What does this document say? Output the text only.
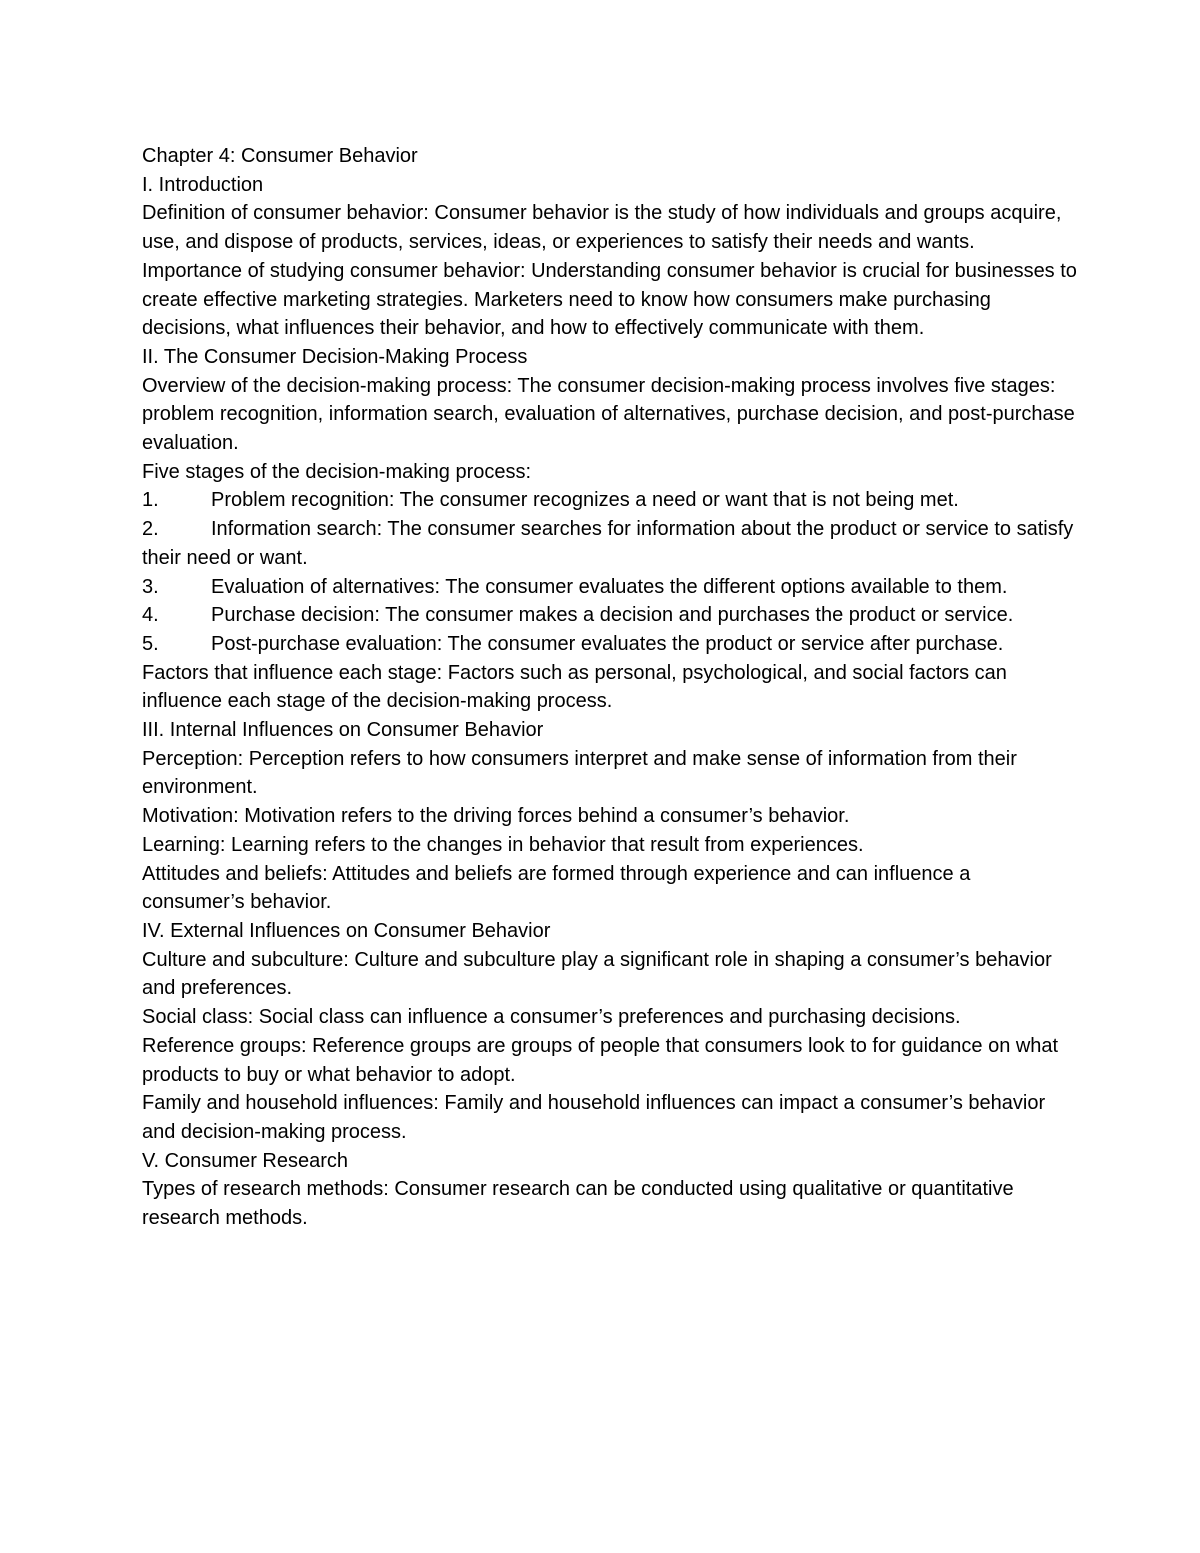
Chapter 4: Consumer Behavior

I. Introduction

Definition of consumer behavior: Consumer behavior is the study of how individuals and groups acquire, use, and dispose of products, services, ideas, or experiences to satisfy their needs and wants.

Importance of studying consumer behavior: Understanding consumer behavior is crucial for businesses to create effective marketing strategies. Marketers need to know how consumers make purchasing decisions, what influences their behavior, and how to effectively communicate with them.

II. The Consumer Decision-Making Process

Overview of the decision-making process: The consumer decision-making process involves five stages: problem recognition, information search, evaluation of alternatives, purchase decision, and post-purchase evaluation.

Five stages of the decision-making process:

1.	Problem recognition: The consumer recognizes a need or want that is not being met.

2.	Information search: The consumer searches for information about the product or service to satisfy their need or want.

3.	Evaluation of alternatives: The consumer evaluates the different options available to them.

4.	Purchase decision: The consumer makes a decision and purchases the product or service.

5.	Post-purchase evaluation: The consumer evaluates the product or service after purchase.

Factors that influence each stage: Factors such as personal, psychological, and social factors can influence each stage of the decision-making process.

III. Internal Influences on Consumer Behavior

Perception: Perception refers to how consumers interpret and make sense of information from their environment.

Motivation: Motivation refers to the driving forces behind a consumer’s behavior.

Learning: Learning refers to the changes in behavior that result from experiences.

Attitudes and beliefs: Attitudes and beliefs are formed through experience and can influence a consumer’s behavior.

IV. External Influences on Consumer Behavior

Culture and subculture: Culture and subculture play a significant role in shaping a consumer’s behavior and preferences.

Social class: Social class can influence a consumer’s preferences and purchasing decisions.

Reference groups: Reference groups are groups of people that consumers look to for guidance on what products to buy or what behavior to adopt.

Family and household influences: Family and household influences can impact a consumer’s behavior and decision-making process.

V. Consumer Research

Types of research methods: Consumer research can be conducted using qualitative or quantitative research methods.
